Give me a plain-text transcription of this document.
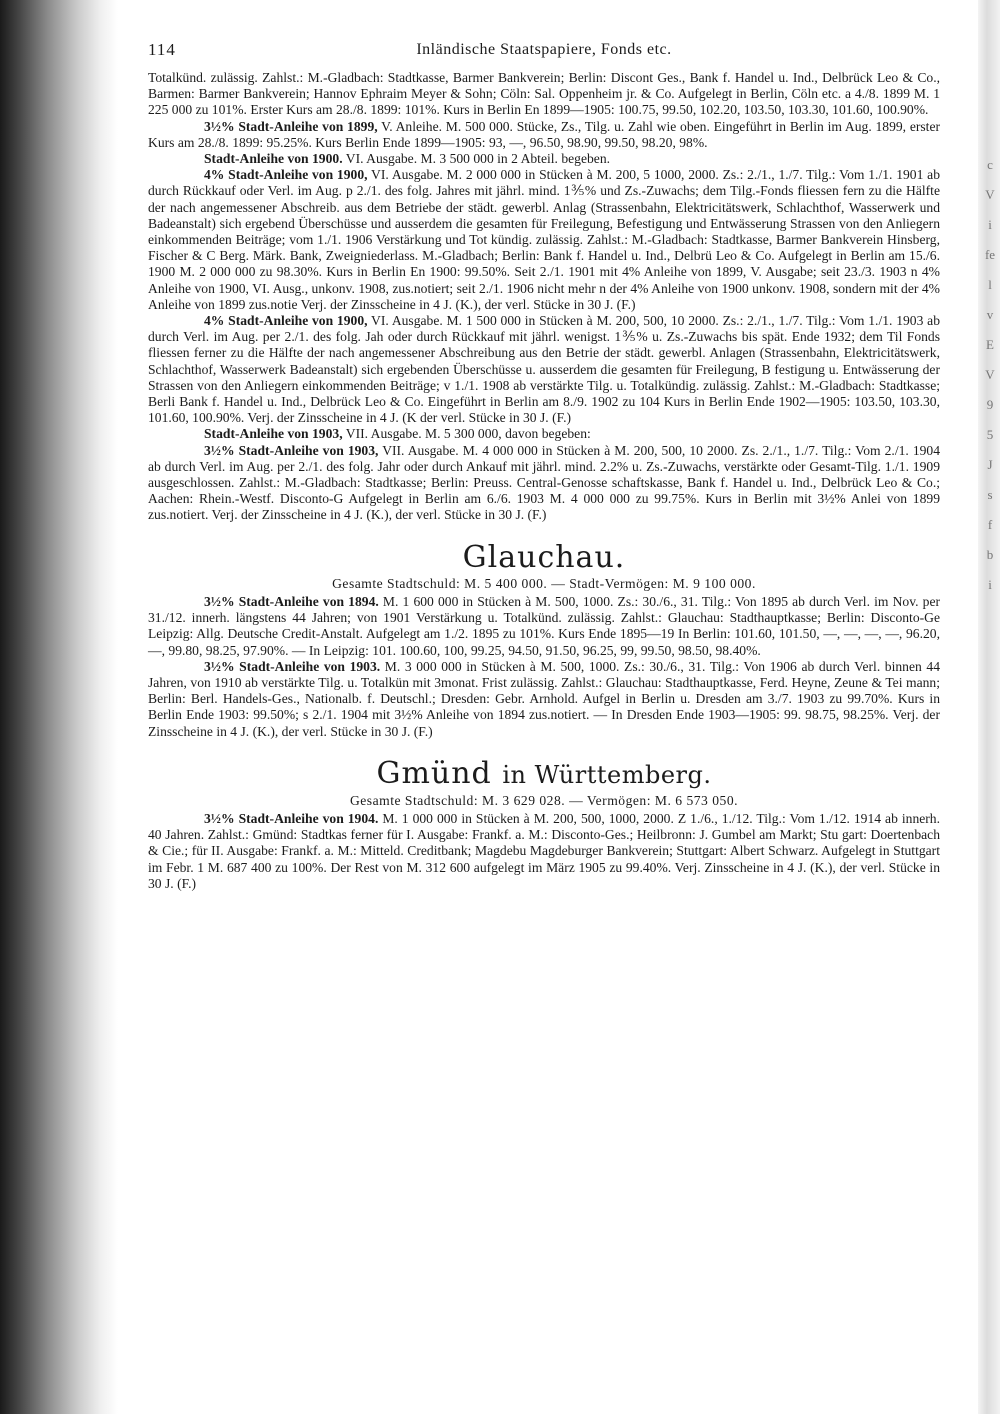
c
V
i
fe
l
v
E
V
9
5
J
s
f
b
i
114	Inländische Staatspapiere, Fonds etc.

Totalkünd. zulässig. Zahlst.: M.-Gladbach: Stadtkasse, Barmer Bankverein; Berlin: Discont Ges., Bank f. Handel u. Ind., Delbrück Leo & Co., Barmen: Barmer Bankverein; Hannov Ephraim Meyer & Sohn; Cöln: Sal. Oppenheim jr. & Co. Aufgelegt in Berlin, Cöln etc. a 4./8. 1899 M. 1 225 000 zu 101%. Erster Kurs am 28./8. 1899: 101%. Kurs in Berlin En 1899—1905: 100.75, 99.50, 102.20, 103.50, 103.30, 101.60, 100.90%.

3½% Stadt-Anleihe von 1899, V. Anleihe. M. 500 000. Stücke, Zs., Tilg. u. Zahl wie oben. Eingeführt in Berlin im Aug. 1899, erster Kurs am 28./8. 1899: 95.25%. Kurs Berlin Ende 1899—1905: 93, —, 96.50, 98.90, 99.50, 98.20, 98%.

Stadt-Anleihe von 1900. VI. Ausgabe. M. 3 500 000 in 2 Abteil. begeben.

4% Stadt-Anleihe von 1900, VI. Ausgabe. M. 2 000 000 in Stücken à M. 200, 5 1000, 2000. Zs.: 2./1., 1./7. Tilg.: Vom 1./1. 1901 ab durch Rückkauf oder Verl. im Aug. p 2./1. des folg. Jahres mit jährl. mind. 1⅗% und Zs.-Zuwachs; dem Tilg.-Fonds fliessen fern zu die Hälfte der nach angemessener Abschreib. aus dem Betriebe der städt. gewerbl. Anlag (Strassenbahn, Elektricitätswerk, Schlachthof, Wasserwerk und Badeanstalt) sich ergebend Überschüsse und ausserdem die gesamten für Freilegung, Befestigung und Entwässerung Strassen von den Anliegern einkommenden Beiträge; vom 1./1. 1906 Verstärkung und Tot kündig. zulässig. Zahlst.: M.-Gladbach: Stadtkasse, Barmer Bankverein Hinsberg, Fischer & C Berg. Märk. Bank, Zweigniederlass. M.-Gladbach; Berlin: Bank f. Handel u. Ind., Delbrü Leo & Co. Aufgelegt in Berlin am 15./6. 1900 M. 2 000 000 zu 98.30%. Kurs in Berlin En 1900: 99.50%. Seit 2./1. 1901 mit 4% Anleihe von 1899, V. Ausgabe; seit 23./3. 1903 n 4% Anleihe von 1900, VI. Ausg., unkonv. 1908, zus.notiert; seit 2./1. 1906 nicht mehr n der 4% Anleihe von 1900 unkonv. 1908, sondern mit der 4% Anleihe von 1899 zus.notie Verj. der Zinsscheine in 4 J. (K.), der verl. Stücke in 30 J. (F.)

4% Stadt-Anleihe von 1900, VI. Ausgabe. M. 1 500 000 in Stücken à M. 200, 500, 10 2000. Zs.: 2./1., 1./7. Tilg.: Vom 1./1. 1903 ab durch Verl. im Aug. per 2./1. des folg. Jah oder durch Rückkauf mit jährl. wenigst. 1⅗% u. Zs.-Zuwachs bis spät. Ende 1932; dem Til Fonds fliessen ferner zu die Hälfte der nach angemessener Abschreibung aus den Betrie der städt. gewerbl. Anlagen (Strassenbahn, Elektricitätswerk, Schlachthof, Wasserwerk Badeanstalt) sich ergebenden Überschüsse u. ausserdem die gesamten für Freilegung, B festigung u. Entwässerung der Strassen von den Anliegern einkommenden Beiträge; v 1./1. 1908 ab verstärkte Tilg. u. Totalkündig. zulässig. Zahlst.: M.-Gladbach: Stadtkasse; Berli Bank f. Handel u. Ind., Delbrück Leo & Co. Eingeführt in Berlin am 8./9. 1902 zu 104 Kurs in Berlin Ende 1902—1905: 103.50, 103.30, 101.60, 100.90%. Verj. der Zinsscheine in 4 J. (K der verl. Stücke in 30 J. (F.)

Stadt-Anleihe von 1903, VII. Ausgabe. M. 5 300 000, davon begeben:

3½% Stadt-Anleihe von 1903, VII. Ausgabe. M. 4 000 000 in Stücken à M. 200, 500, 10 2000. Zs. 2./1., 1./7. Tilg.: Vom 2./1. 1904 ab durch Verl. im Aug. per 2./1. des folg. Jahr oder durch Ankauf mit jährl. mind. 2.2% u. Zs.-Zuwachs, verstärkte oder Gesamt-Tilg. 1./1. 1909 ausgeschlossen. Zahlst.: M.-Gladbach: Stadtkasse; Berlin: Preuss. Central-Genosse schaftskasse, Bank f. Handel u. Ind., Delbrück Leo & Co.; Aachen: Rhein.-Westf. Disconto-G Aufgelegt in Berlin am 6./6. 1903 M. 4 000 000 zu 99.75%. Kurs in Berlin mit 3½% Anlei von 1899 zus.notiert. Verj. der Zinsscheine in 4 J. (K.), der verl. Stücke in 30 J. (F.)

Glauchau.

Gesamte Stadtschuld: M. 5 400 000. — Stadt-Vermögen: M. 9 100 000.

3½% Stadt-Anleihe von 1894. M. 1 600 000 in Stücken à M. 500, 1000. Zs.: 30./6., 31. Tilg.: Von 1895 ab durch Verl. im Nov. per 31./12. innerh. längstens 44 Jahren; von 1901 Verstärkung u. Totalkünd. zulässig. Zahlst.: Glauchau: Stadthauptkasse; Berlin: Disconto-Ge Leipzig: Allg. Deutsche Credit-Anstalt. Aufgelegt am 1./2. 1895 zu 101%. Kurs Ende 1895—19 In Berlin: 101.60, 101.50, —, —, —, —, 96.20, —, 99.80, 98.25, 97.90%. — In Leipzig: 101. 100.60, 100, 99.25, 94.50, 91.50, 96.25, 99, 99.50, 98.50, 98.40%.

3½% Stadt-Anleihe von 1903. M. 3 000 000 in Stücken à M. 500, 1000. Zs.: 30./6., 31. Tilg.: Von 1906 ab durch Verl. binnen 44 Jahren, von 1910 ab verstärkte Tilg. u. Totalkün mit 3monat. Frist zulässig. Zahlst.: Glauchau: Stadthauptkasse, Ferd. Heyne, Zeune & Tei mann; Berlin: Berl. Handels-Ges., Nationalb. f. Deutschl.; Dresden: Gebr. Arnhold. Aufgel in Berlin u. Dresden am 3./7. 1903 zu 99.70%. Kurs in Berlin Ende 1903: 99.50%; s 2./1. 1904 mit 3½% Anleihe von 1894 zus.notiert. — In Dresden Ende 1903—1905: 99. 98.75, 98.25%. Verj. der Zinsscheine in 4 J. (K.), der verl. Stücke in 30 J. (F.)

Gmünd in Württemberg.

Gesamte Stadtschuld: M. 3 629 028. — Vermögen: M. 6 573 050.

3½% Stadt-Anleihe von 1904. M. 1 000 000 in Stücken à M. 200, 500, 1000, 2000. Z 1./6., 1./12. Tilg.: Vom 1./12. 1914 ab innerh. 40 Jahren. Zahlst.: Gmünd: Stadtkas ferner für I. Ausgabe: Frankf. a. M.: Disconto-Ges.; Heilbronn: J. Gumbel am Markt; Stu gart: Doertenbach & Cie.; für II. Ausgabe: Frankf. a. M.: Mitteld. Creditbank; Magdebu Magdeburger Bankverein; Stuttgart: Albert Schwarz. Aufgelegt in Stuttgart im Febr. 1 M. 687 400 zu 100%. Der Rest von M. 312 600 aufgelegt im März 1905 zu 99.40%. Verj. Zinsscheine in 4 J. (K.), der verl. Stücke in 30 J. (F.)
